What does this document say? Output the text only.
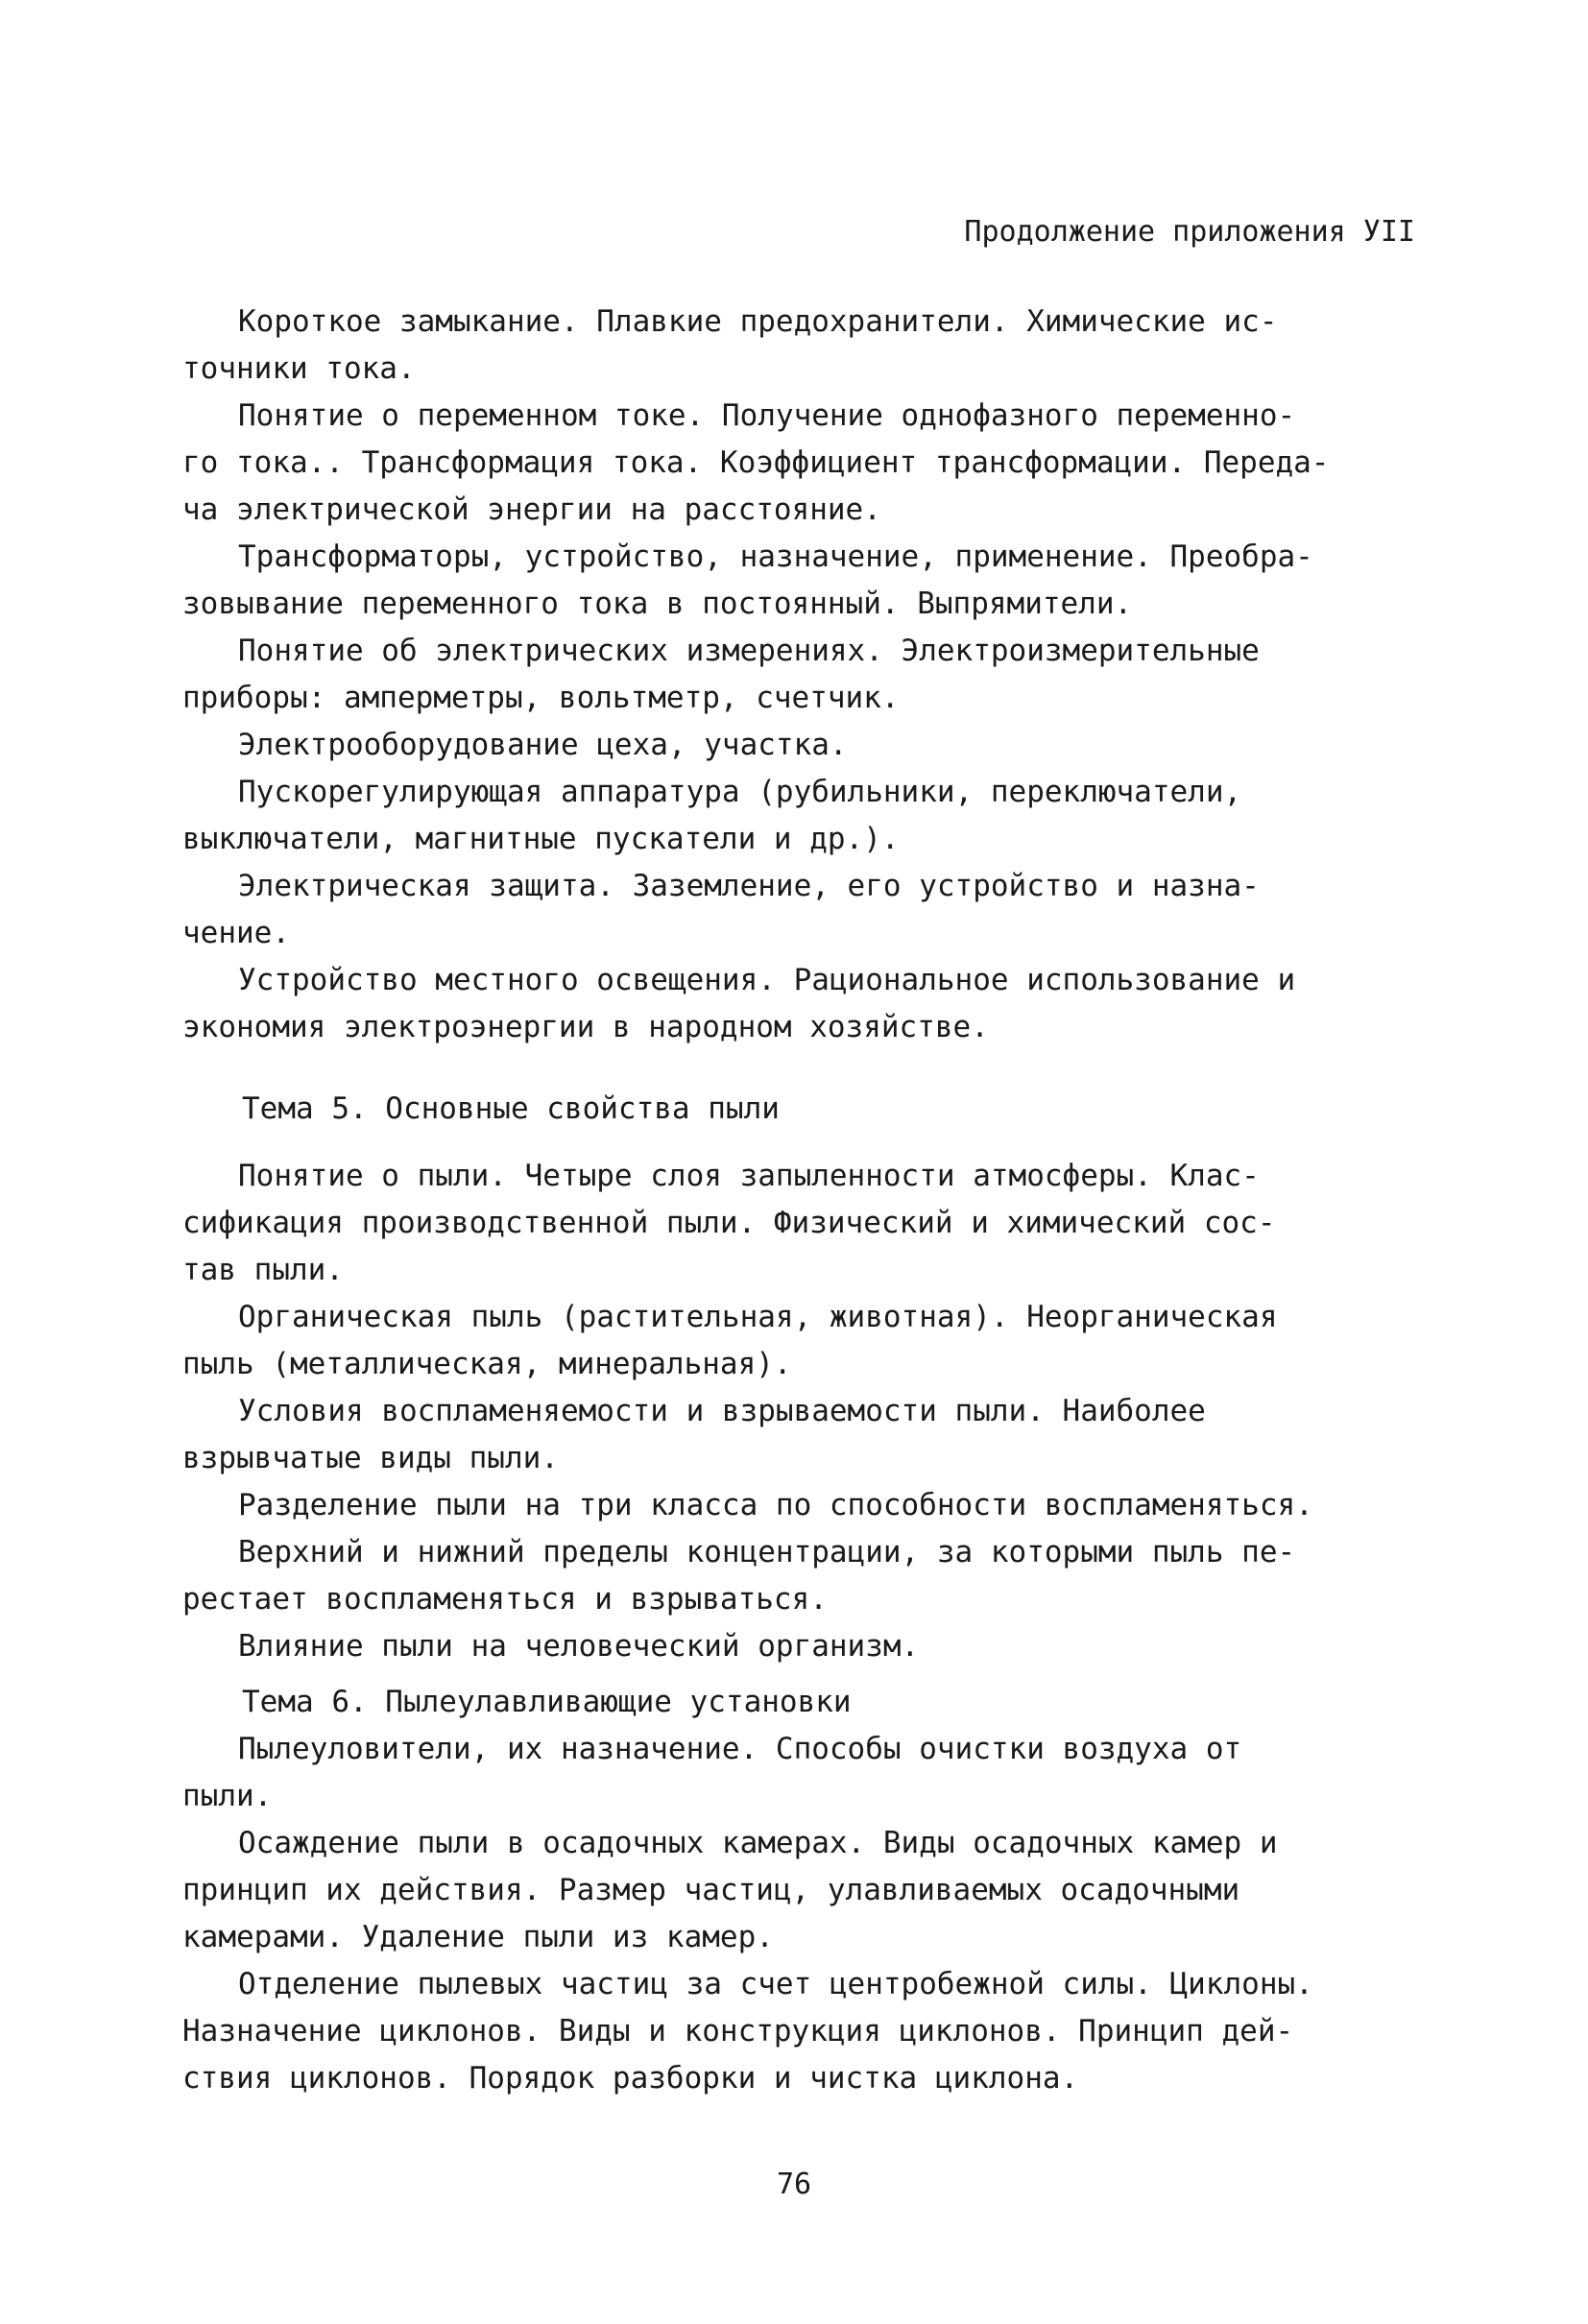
Продолжение приложения УII
Короткое замыкание. Плавкие предохранители. Химические ис-
точники тока.
Понятие о переменном токе. Получение однофазного переменно-
го тока.. Трансформация тока. Коэффициент трансформации. Переда-
ча электрической энергии на расстояние.
Трансформаторы, устройство, назначение, применение. Преобра-
зовывание переменного тока в постоянный. Выпрямители.
Понятие об электрических измерениях. Электроизмерительные
приборы: амперметры, вольтметр, счетчик.
Электрооборудование цеха, участка.
Пускорегулирующая аппаратура (рубильники, переключатели,
выключатели, магнитные пускатели и др.).
Электрическая защита. Заземление, его устройство и назна-
чение.
Устройство местного освещения. Рациональное использование и
экономия электроэнергии в народном хозяйстве.
Тема 5. Основные свойства пыли
Понятие о пыли. Четыре слоя запыленности атмосферы. Клас-
сификация производственной пыли. Физический и химический сос-
тав пыли.
Органическая пыль (растительная, животная). Неорганическая
пыль (металлическая, минеральная).
Условия воспламеняемости и взрываемости пыли. Наиболее
взрывчатые виды пыли.
Разделение пыли на три класса по способности воспламеняться.
Верхний и нижний пределы концентрации, за которыми пыль пе-
рестает воспламеняться и взрываться.
Влияние пыли на человеческий организм.
Тема 6. Пылеулавливающие установки
Пылеуловители, их назначение. Способы очистки воздуха от
пыли.
Осаждение пыли в осадочных камерах. Виды осадочных камер и
принцип их действия. Размер частиц, улавливаемых осадочными
камерами. Удаление пыли из камер.
Отделение пылевых частиц за счет центробежной силы. Циклоны.
Назначение циклонов. Виды и конструкция циклонов. Принцип дей-
ствия циклонов. Порядок разборки и чистка циклона.
76
